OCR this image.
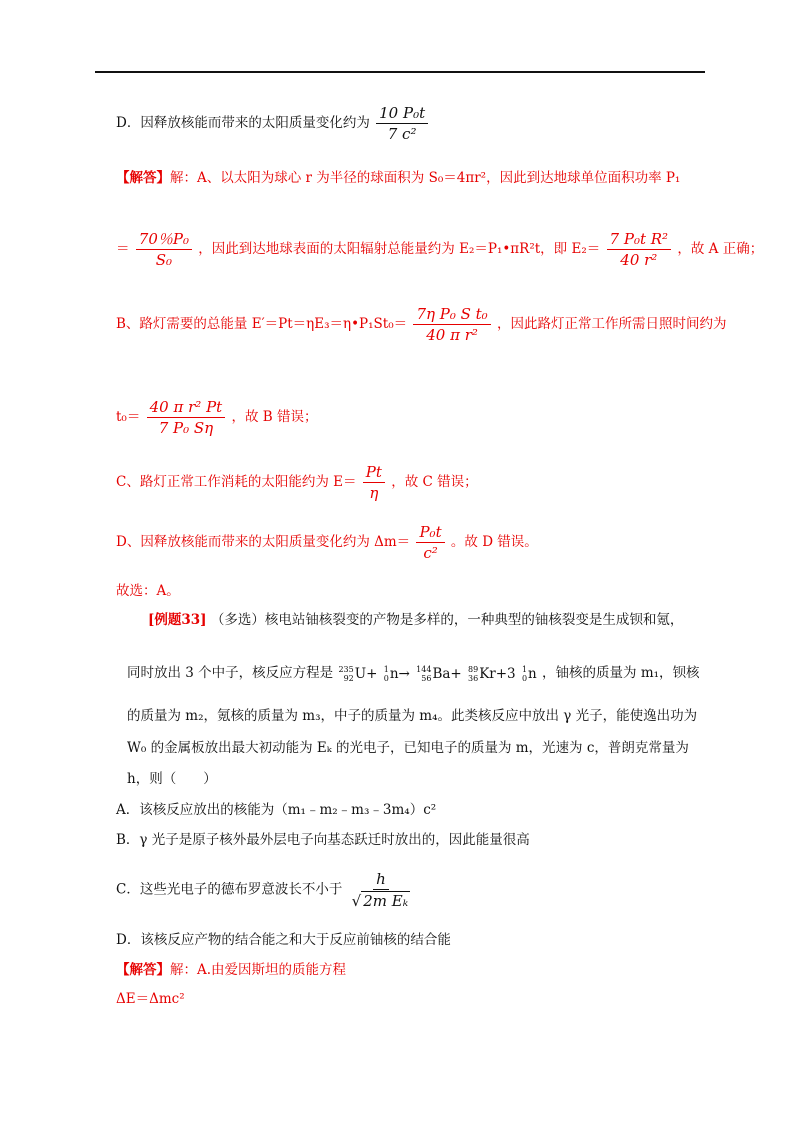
D．因释放核能而带来的太阳质量变化约为 $\frac{\text{10 P₀t}}{\text{7 c²}}$
【解答】解：A、以太阳为球心 r 为半径的球面积为 S₀＝4πr²，因此到达地球单位面积功率 P₁
＝ $\frac{\text{70％P₀}}{\text{S₀}}$ ，因此到达地球表面的太阳辐射总能量约为 E₂＝P₁•πR²t，即 $E_2= \frac{\text{7 P₀t R²}}{\text{40 r²}}$ ，故 A 正确；
B、路灯需要的总能量 E′＝Pt＝ηE₃＝η•P₁St₀＝ $\frac{\text{7η P₀ S t₀}}{\text{40 π r²}}$ ，因此路灯正常工作所需日照时间约为
$t_0= \frac{\text{40 π r² Pt}}{\text{7 P₀ Sη}}$ ，故 B 错误；
C、路灯正常工作消耗的太阳能约为 $E= \frac{Pt}{\eta}$ ，故 C 错误；
D、因释放核能而带来的太阳质量变化约为 $\Delta m= \frac{\text{P₀t}}{\text{c²}}$ 。故 D 错误。
故选：A。
[例题33] （多选）核电站铀核裂变的产物是多样的，一种典型的铀核裂变是生成钡和氪，
同时放出 3 个中子，核反应方程是 235
92 U+
1
0 n→
144
56 Ba+
89
36 Kr+3
1
0 n ，铀核的质量为 m₁，钡核
的质量为 m₂，氪核的质量为 m₃，中子的质量为 m₄。此类核反应中放出 γ 光子，能使逸出功为
W₀ 的金属板放出最大初动能为 Eₖ 的光电子，已知电子的质量为 m，光速为 c，普朗克常量为
h，则（　　）
A．该核反应放出的核能为（m₁﹣m₂﹣m₃﹣3m₄）c²
B．γ 光子是原子核外最外层电子向基态跃迁时放出的，因此能量很高
C．这些光电子的德布罗意波长不小于 $\frac{h}{\text{√ 2m Eₖ}}$
D．该核反应产物的结合能之和大于反应前铀核的结合能
【解答】解：A.由爱因斯坦的质能方程
ΔE＝Δmc²
